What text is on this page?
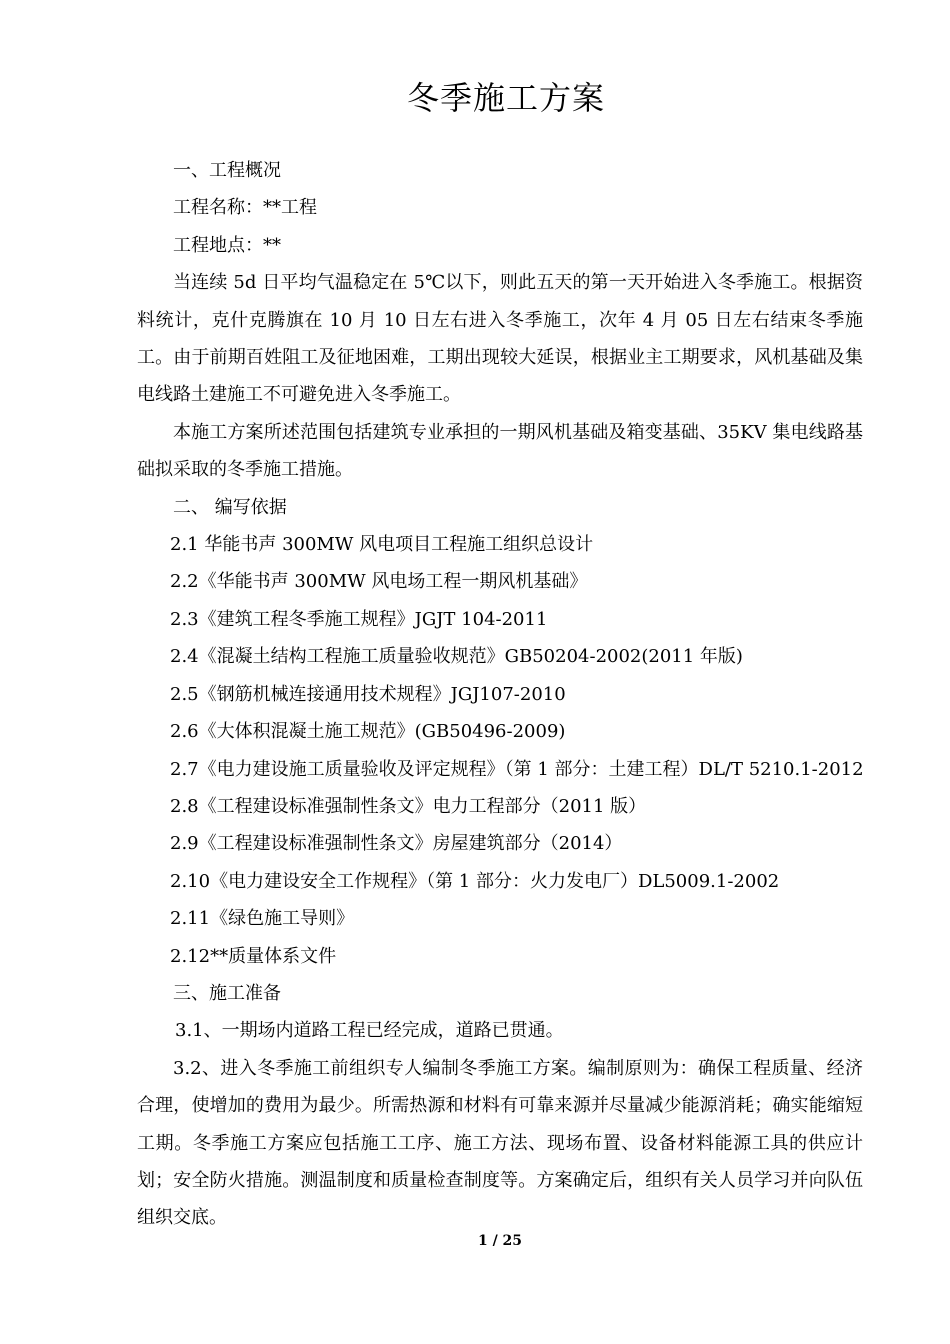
冬季施工方案

一、工程概况

工程名称：**工程

工程地点：**

当连续 5d 日平均气温稳定在 5℃以下，则此五天的第一天开始进入冬季施工。根据资料统计，克什克腾旗在 10 月 10 日左右进入冬季施工，次年 4 月 05 日左右结束冬季施工。由于前期百姓阻工及征地困难，工期出现较大延误，根据业主工期要求，风机基础及集电线路土建施工不可避免进入冬季施工。

本施工方案所述范围包括建筑专业承担的一期风机基础及箱变基础、35KV 集电线路基础拟采取的冬季施工措施。

二、 编写依据

2.1 华能书声 300MW 风电项目工程施工组织总设计

2.2《华能书声 300MW 风电场工程一期风机基础》

2.3《建筑工程冬季施工规程》JGJT 104-2011

2.4《混凝土结构工程施工质量验收规范》GB50204-2002(2011 年版)

2.5《钢筋机械连接通用技术规程》JGJ107-2010

2.6《大体积混凝土施工规范》(GB50496-2009)

2.7《电力建设施工质量验收及评定规程》（第 1 部分：土建工程）DL/T 5210.1-2012

2.8《工程建设标准强制性条文》电力工程部分（2011 版）

2.9《工程建设标准强制性条文》房屋建筑部分（2014）

2.10《电力建设安全工作规程》（第 1 部分：火力发电厂）DL5009.1-2002

2.11《绿色施工导则》

2.12**质量体系文件

三、施工准备

3.1、一期场内道路工程已经完成，道路已贯通。

3.2、进入冬季施工前组织专人编制冬季施工方案。编制原则为：确保工程质量、经济合理，使增加的费用为最少。所需热源和材料有可靠来源并尽量减少能源消耗；确实能缩短工期。冬季施工方案应包括施工工序、施工方法、现场布置、设备材料能源工具的供应计划；安全防火措施。测温制度和质量检查制度等。方案确定后，组织有关人员学习并向队伍组织交底。

1 / 25
